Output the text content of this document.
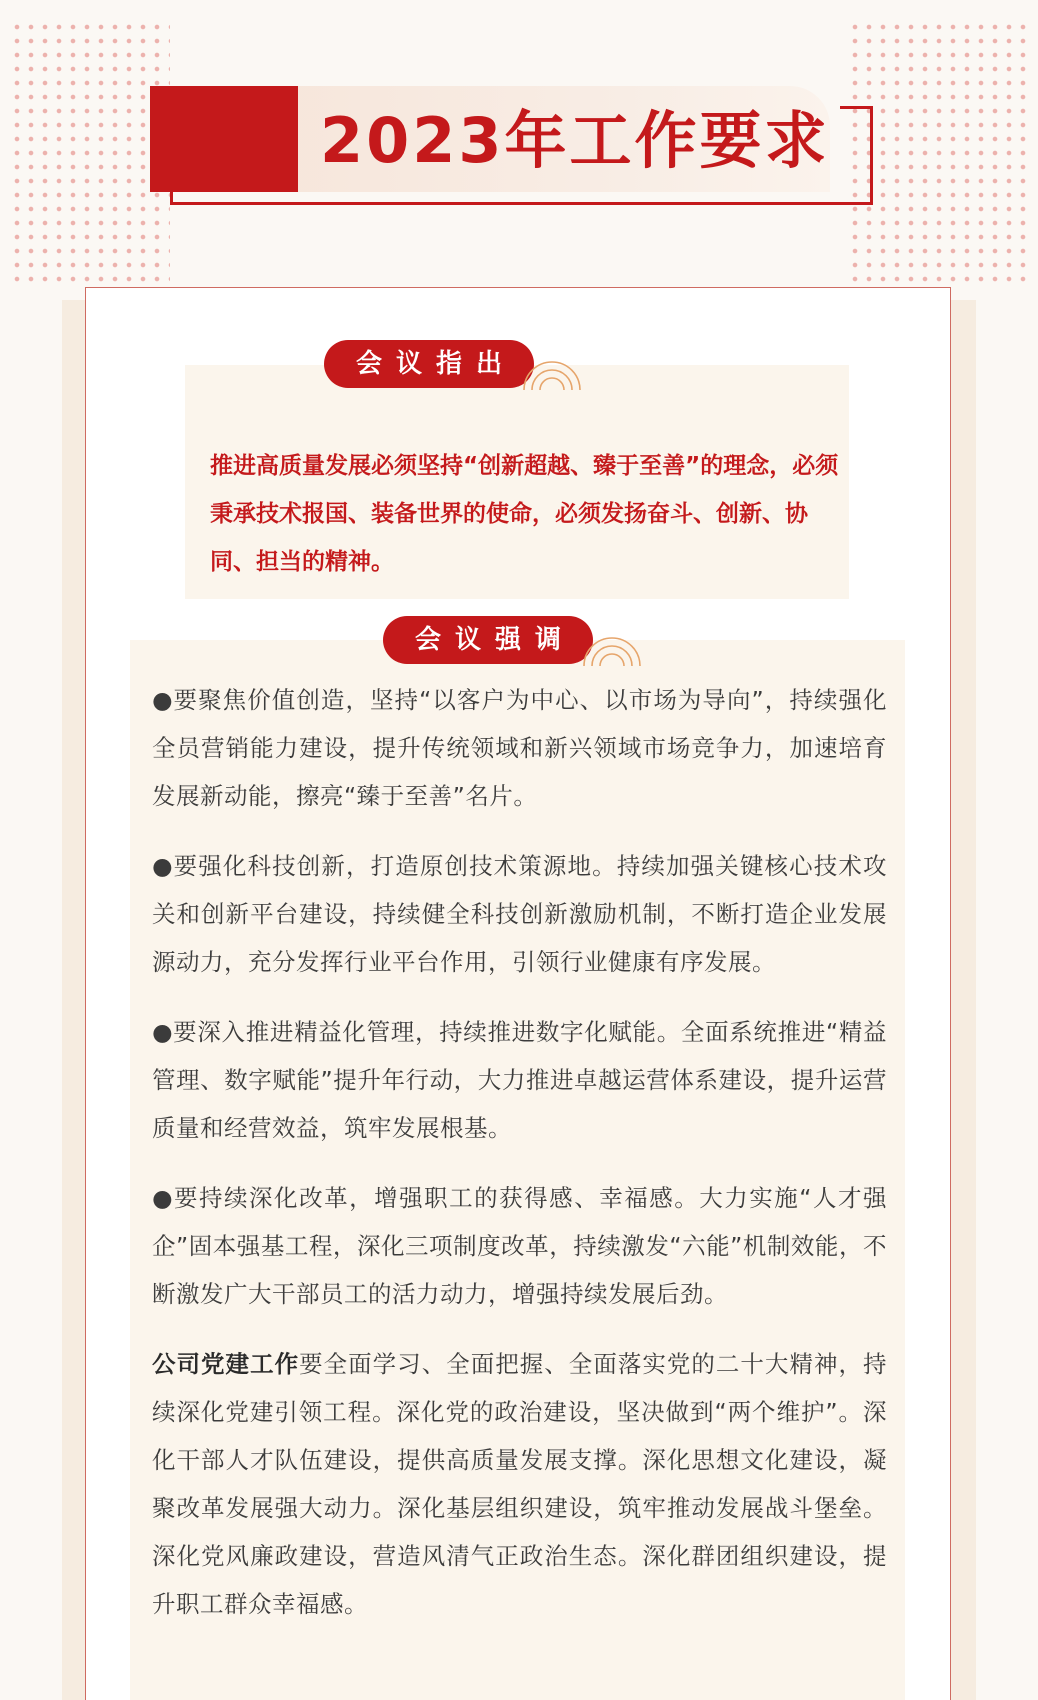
2023年工作要求
会议指出

推进高质量发展必须坚持“创新超越、臻于至善”的理念，必须秉承技术报国、装备世界的使命，必须发扬奋斗、创新、协同、担当的精神。

会议强调

●要聚焦价值创造，坚持“以客户为中心、以市场为导向”，持续强化全员营销能力建设，提升传统领域和新兴领域市场竞争力，加速培育发展新动能，擦亮“臻于至善”名片。

●要强化科技创新，打造原创技术策源地。持续加强关键核心技术攻关和创新平台建设，持续健全科技创新激励机制，不断打造企业发展源动力，充分发挥行业平台作用，引领行业健康有序发展。

●要深入推进精益化管理，持续推进数字化赋能。全面系统推进“精益管理、数字赋能”提升年行动，大力推进卓越运营体系建设，提升运营质量和经营效益，筑牢发展根基。

●要持续深化改革，增强职工的获得感、幸福感。大力实施“人才强企”固本强基工程，深化三项制度改革，持续激发“六能”机制效能，不断激发广大干部员工的活力动力，增强持续发展后劲。

公司党建工作要全面学习、全面把握、全面落实党的二十大精神，持续深化党建引领工程。深化党的政治建设，坚决做到“两个维护”。深化干部人才队伍建设，提供高质量发展支撑。深化思想文化建设，凝聚改革发展强大动力。深化基层组织建设，筑牢推动发展战斗堡垒。深化党风廉政建设，营造风清气正政治生态。深化群团组织建设，提升职工群众幸福感。
